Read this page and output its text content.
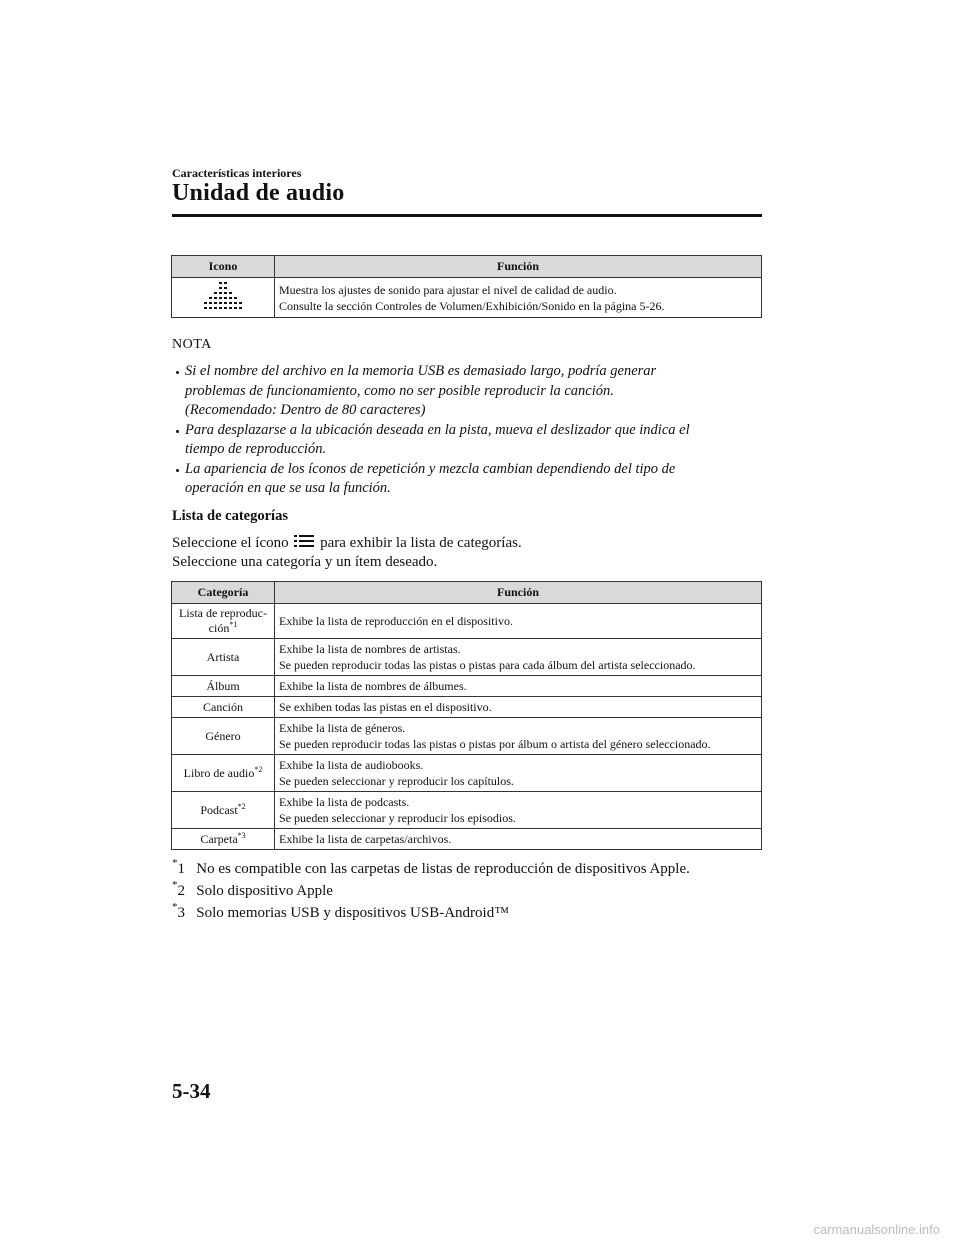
Características interiores
Unidad de audio
Icono	Función

Muestra los ajustes de sonido para ajustar el nivel de calidad de audio.
Consulte la sección Controles de Volumen/Exhibición/Sonido en la página 5-26.
NOTA
Si el nombre del archivo en la memoria USB es demasiado largo, podría generar
problemas de funcionamiento, como no ser posible reproducir la canción.
(Recomendado: Dentro de 80 caracteres)
Para desplazarse a la ubicación deseada en la pista, mueva el deslizador que indica el
tiempo de reproducción.
La apariencia de los íconos de repetición y mezcla cambian dependiendo del tipo de
operación en que se usa la función.
Lista de categorías
Seleccione el ícono para exhibir la lista de categorías.
Seleccione una categoría y un ítem deseado.
Categoría	Función

Lista de reproduc-
ción$^{*1}$	Exhibe la lista de reproducción en el dispositivo.

Artista	Exhibe la lista de nombres de artistas.
Se pueden reproducir todas las pistas o pistas para cada álbum del artista seleccionado.

Álbum	Exhibe la lista de nombres de álbumes.

Canción	Se exhiben todas las pistas en el dispositivo.

Género	Exhibe la lista de géneros.
Se pueden reproducir todas las pistas o pistas por álbum o artista del género seleccionado.

Libro de audio$^{*2}$	Exhibe la lista de audiobooks.
Se pueden seleccionar y reproducir los capítulos.

Podcast$^{*2}$	Exhibe la lista de podcasts.
Se pueden seleccionar y reproducir los episodios.

Carpeta$^{*3}$	Exhibe la lista de carpetas/archivos.
*1 No es compatible con las carpetas de listas de reproducción de dispositivos Apple.
*2 Solo dispositivo Apple
*3 Solo memorias USB y dispositivos USB-Android™
5-34
carmanualsonline.info
